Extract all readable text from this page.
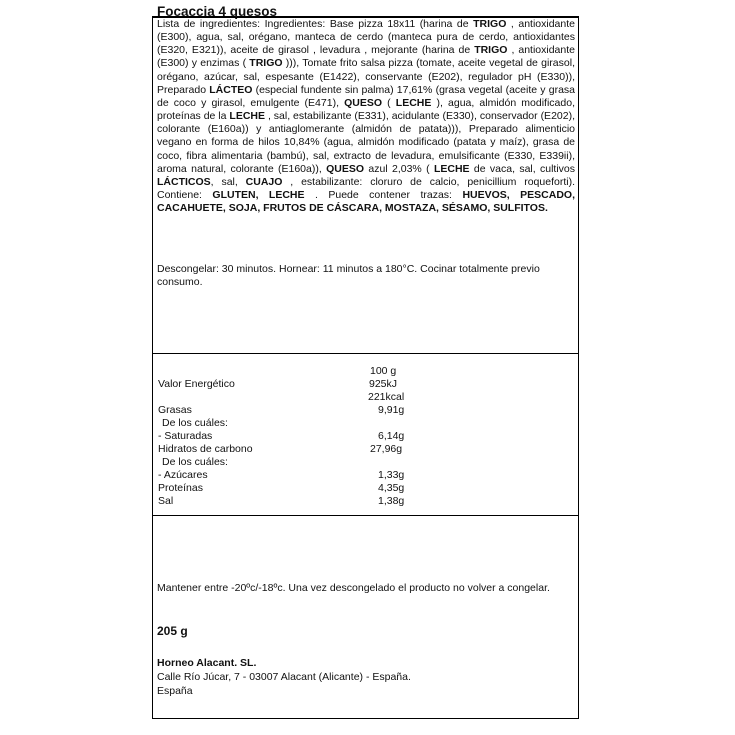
Focaccia 4 quesos

Lista de ingredientes: Ingredientes: Base pizza 18x11 (harina de TRIGO , antioxidante (E300), agua, sal, orégano, manteca de cerdo (manteca pura de cerdo, antioxidantes (E320, E321)), aceite de girasol , levadura , mejorante (harina de TRIGO , antioxidante (E300) y enzimas ( TRIGO ))), Tomate frito salsa pizza (tomate, aceite vegetal de girasol, orégano, azúcar, sal, espesante (E1422), conservante (E202), regulador pH (E330)), Preparado LÁCTEO (especial fundente sin palma) 17,61% (grasa vegetal (aceite y grasa de coco y girasol, emulgente (E471), QUESO ( LECHE ), agua, almidón modificado, proteínas de la LECHE , sal, estabilizante (E331), acidulante (E330), conservador (E202), colorante (E160a)) y antiaglomerante (almidón de patata))), Preparado alimenticio vegano en forma de hilos 10,84% (agua, almidón modificado (patata y maíz), grasa de coco, fibra alimentaria (bambú), sal, extracto de levadura, emulsificante (E330, E339ii), aroma natural, colorante (E160a)), QUESO azul 2,03% ( LECHE de vaca, sal, cultivos LÁCTICOS, sal, CUAJO , estabilizante: cloruro de calcio, penicillium roqueforti). Contiene: GLUTEN, LECHE . Puede contener trazas: HUEVOS, PESCADO, CACAHUETE, SOJA, FRUTOS DE CÁSCARA, MOSTAZA, SÉSAMO, SULFITOS.

Descongelar: 30 minutos. Hornear: 11 minutos a 180°C. Cocinar totalmente previo consumo.

100 g
Valor Energético	925kJ
221kcal
Grasas	9,91g
De los cuáles:
- Saturadas	6,14g
Hidratos de carbono	27,96g
De los cuáles:
- Azúcares	1,33g
Proteínas	4,35g
Sal	1,38g

Mantener entre -20ºc/-18ºc. Una vez descongelado el producto no volver a congelar.

205 g

Horneo Alacant. SL.

Calle Río Júcar, 7 - 03007 Alacant (Alicante) - España.
España
